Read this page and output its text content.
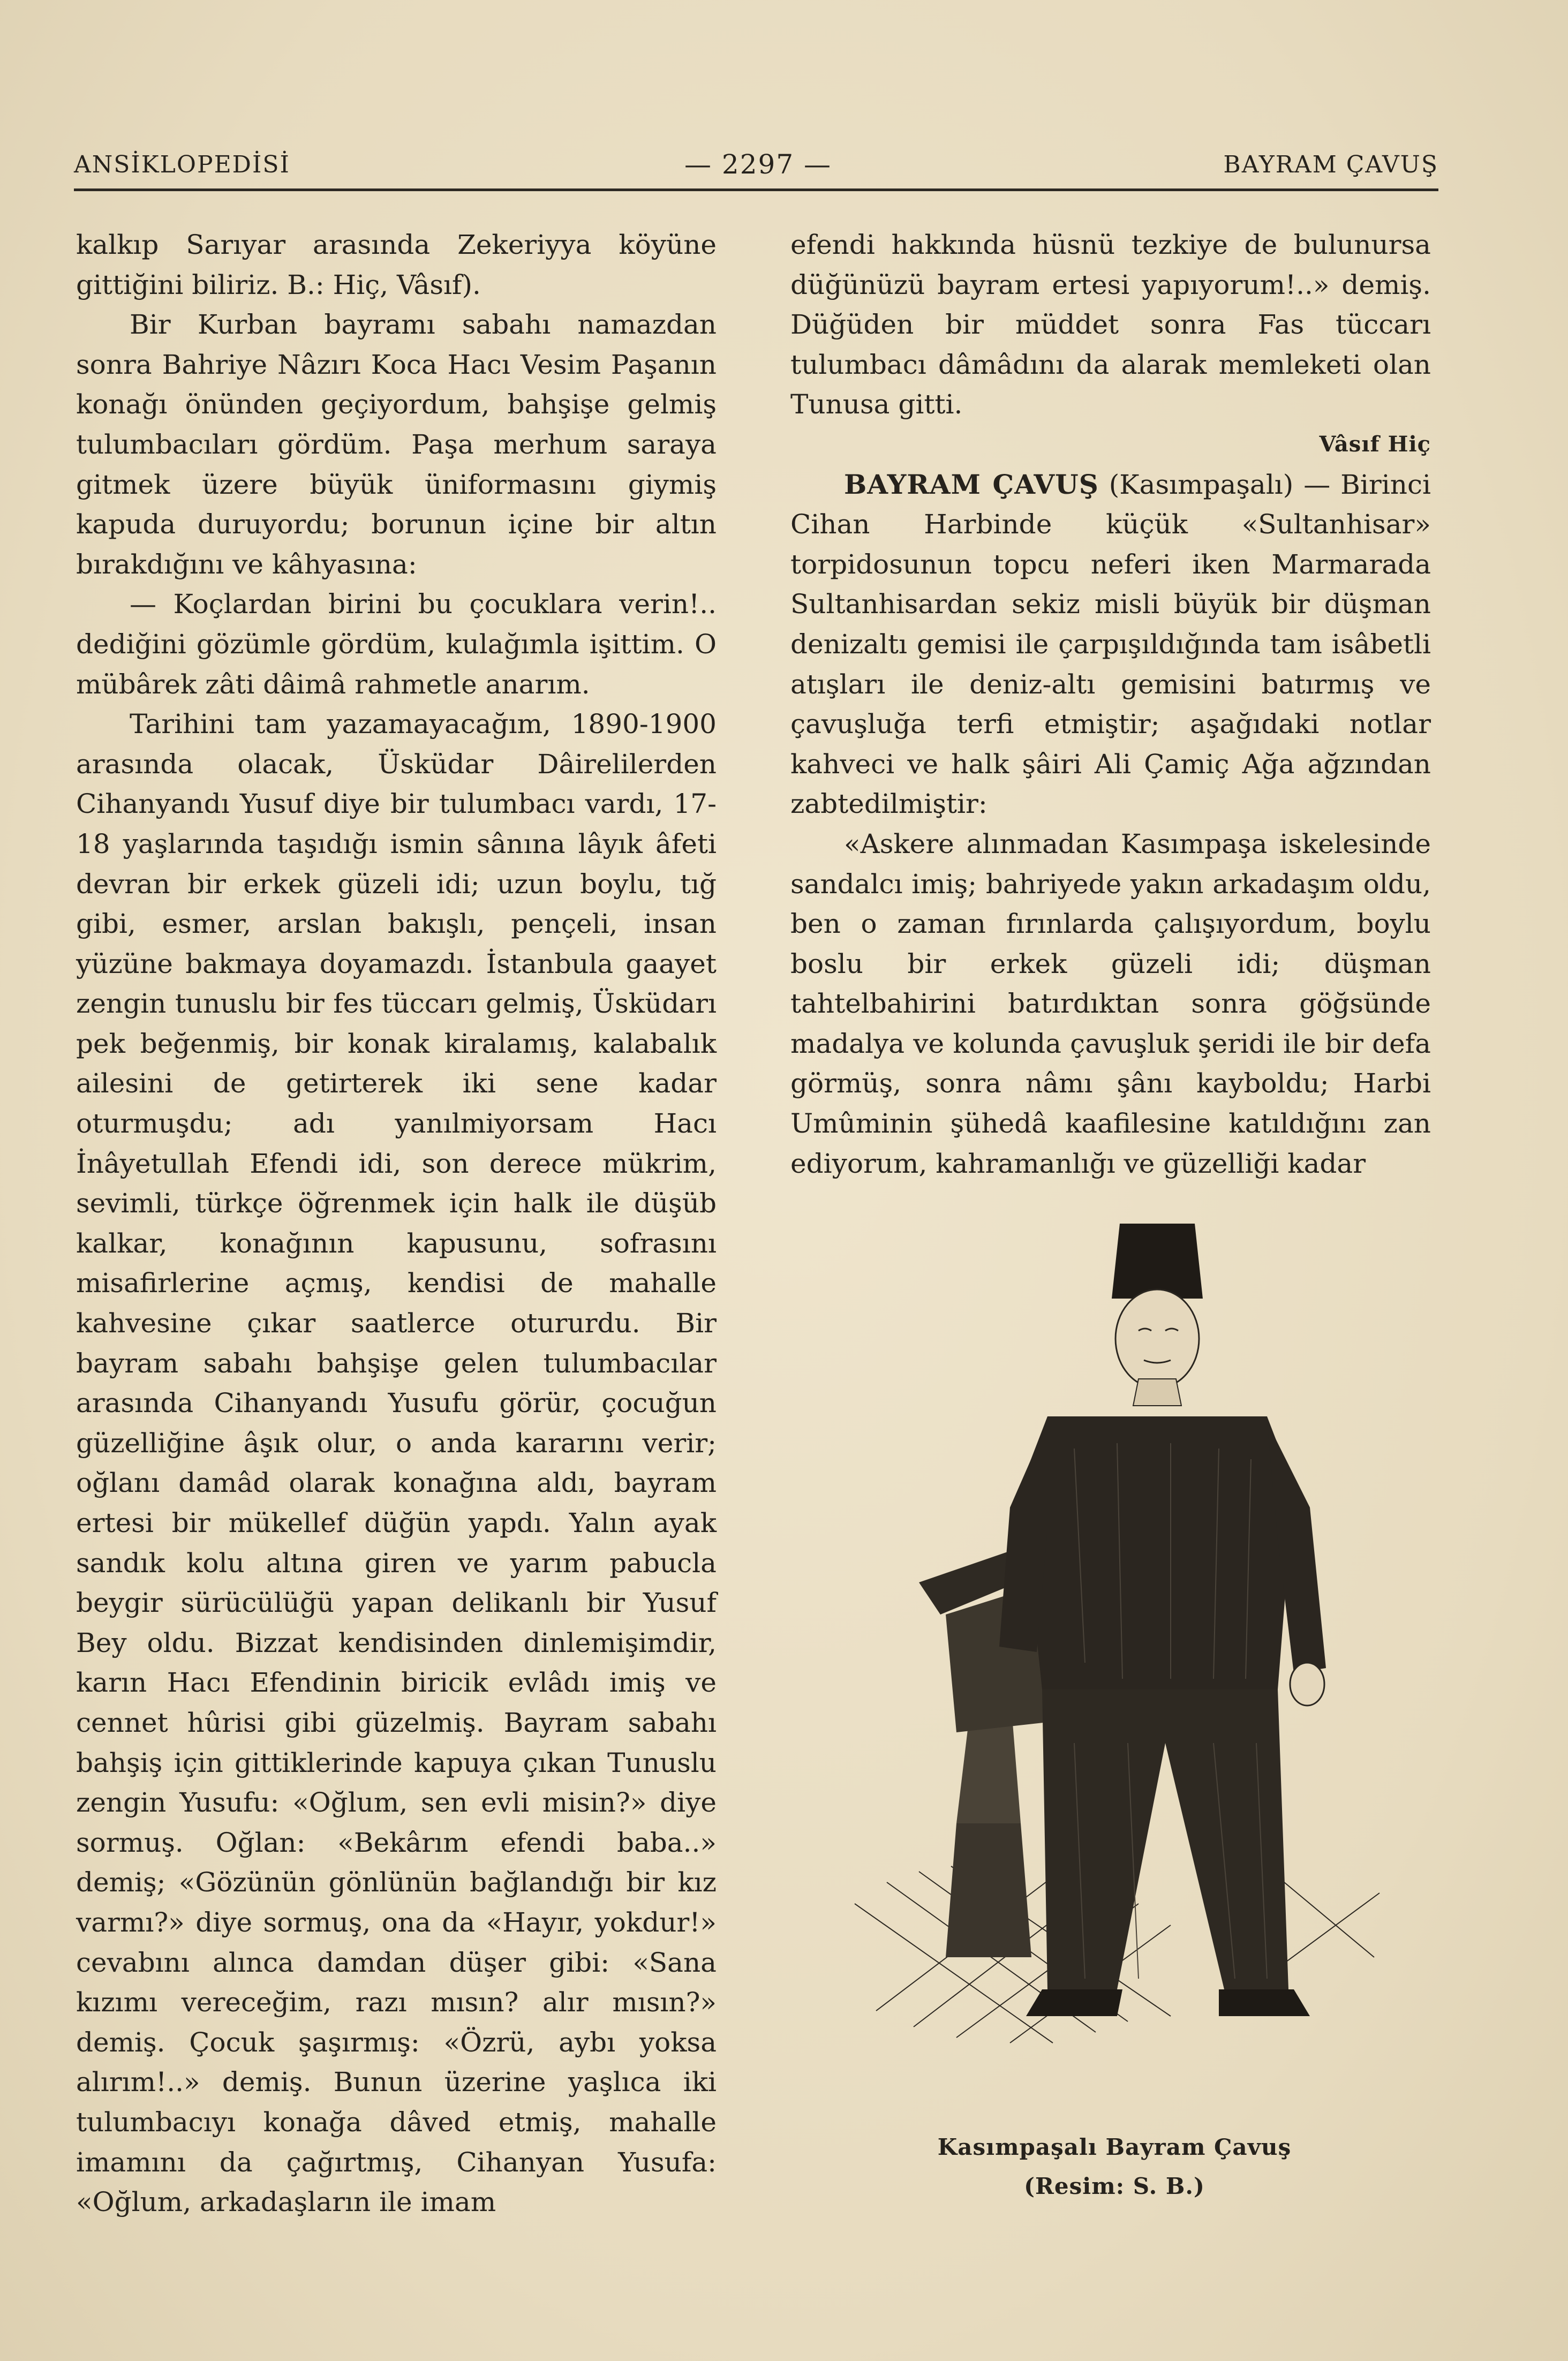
ANSİKLOPEDİSİ	— 2297 —	BAYRAM ÇAVUŞ

kalkıp Sarıyar arasında Zekeriyya köyüne gittiğini biliriz. B.: Hiç, Vâsıf).

Bir Kurban bayramı sabahı namazdan sonra Bahriye Nâzırı Koca Hacı Vesim Paşanın konağı önünden geçiyordum, bahşişe gelmiş tulumbacıları gördüm. Paşa merhum saraya gitmek üzere büyük üniformasını giymiş kapuda duruyordu; borunun içine bir altın bırakdığını ve kâhyasına:

— Koçlardan birini bu çocuklara verin!.. dediğini gözümle gördüm, kulağımla işittim. O mübârek zâti dâimâ rahmetle anarım.

Tarihini tam yazamayacağım, 1890-1900 arasında olacak, Üsküdar Dâirelilerden Cihanyandı Yusuf diye bir tulumbacı vardı, 17-18 yaşlarında taşıdığı ismin sânına lâyık âfeti devran bir erkek güzeli idi; uzun boylu, tığ gibi, esmer, arslan bakışlı, pençeli, insan yüzüne bakmaya doyamazdı. İstanbula gaayet zengin tunuslu bir fes tüccarı gelmiş, Üsküdarı pek beğenmiş, bir konak kiralamış, kalabalık ailesini de getirterek iki sene kadar oturmuşdu; adı yanılmiyorsam Hacı İnâyetullah Efendi idi, son derece mükrim, sevimli, türkçe öğrenmek için halk ile düşüb kalkar, konağının kapusunu, sofrasını misafirlerine açmış, kendisi de mahalle kahvesine çıkar saatlerce otururdu. Bir bayram sabahı bahşişe gelen tulumbacılar arasında Cihanyandı Yusufu görür, çocuğun güzelliğine âşık olur, o anda kararını verir; oğlanı damâd olarak konağına aldı, bayram ertesi bir mükellef düğün yapdı. Yalın ayak sandık kolu altına giren ve yarım pabucla beygir sürücülüğü yapan delikanlı bir Yusuf Bey oldu. Bizzat kendisinden dinlemişimdir, karın Hacı Efendinin biricik evlâdı imiş ve cennet hûrisi gibi güzelmiş. Bayram sabahı bahşiş için gittiklerinde kapuya çıkan Tunuslu zengin Yusufu: «Oğlum, sen evli misin?» diye sormuş. Oğlan: «Bekârım efendi baba..» demiş; «Gözünün gönlünün bağlandığı bir kız varmı?» diye sormuş, ona da «Hayır, yokdur!» cevabını alınca damdan düşer gibi: «Sana kızımı vereceğim, razı mısın? alır mısın?» demiş. Çocuk şaşırmış: «Özrü, aybı yoksa alırım!..» demiş. Bunun üzerine yaşlıca iki tulumbacıyı konağa dâved etmiş, mahalle imamını da çağırtmış, Cihanyan Yusufa: «Oğlum, arkadaşların ile imam

efendi hakkında hüsnü tezkiye de bulunursa düğünüzü bayram ertesi yapıyorum!..» demiş. Düğüden bir müddet sonra Fas tüccarı tulumbacı dâmâdını da alarak memleketi olan Tunusa gitti.

Vâsıf Hiç

BAYRAM ÇAVUŞ (Kasımpaşalı) — Birinci Cihan Harbinde küçük «Sultanhisar» torpidosunun topcu neferi iken Marmarada Sultanhisardan sekiz misli büyük bir düşman denizaltı gemisi ile çarpışıldığında tam isâbetli atışları ile deniz-altı gemisini batırmış ve çavuşluğa terfi etmiştir; aşağıdaki notlar kahveci ve halk şâiri Ali Çamiç Ağa ağzından zabtedilmiştir:

«Askere alınmadan Kasımpaşa iskelesinde sandalcı imiş; bahriyede yakın arkadaşım oldu, ben o zaman fırınlarda çalışıyordum, boylu boslu bir erkek güzeli idi; düşman tahtelbahirini batırdıktan sonra göğsünde madalya ve kolunda çavuşluk şeridi ile bir defa görmüş, sonra nâmı şânı kayboldu; Harbi Umûminin şühedâ kaafilesine katıldığını zan ediyorum, kahramanlığı ve güzelliği kadar

Kasımpaşalı Bayram Çavuş
(Resim: S. B.)
